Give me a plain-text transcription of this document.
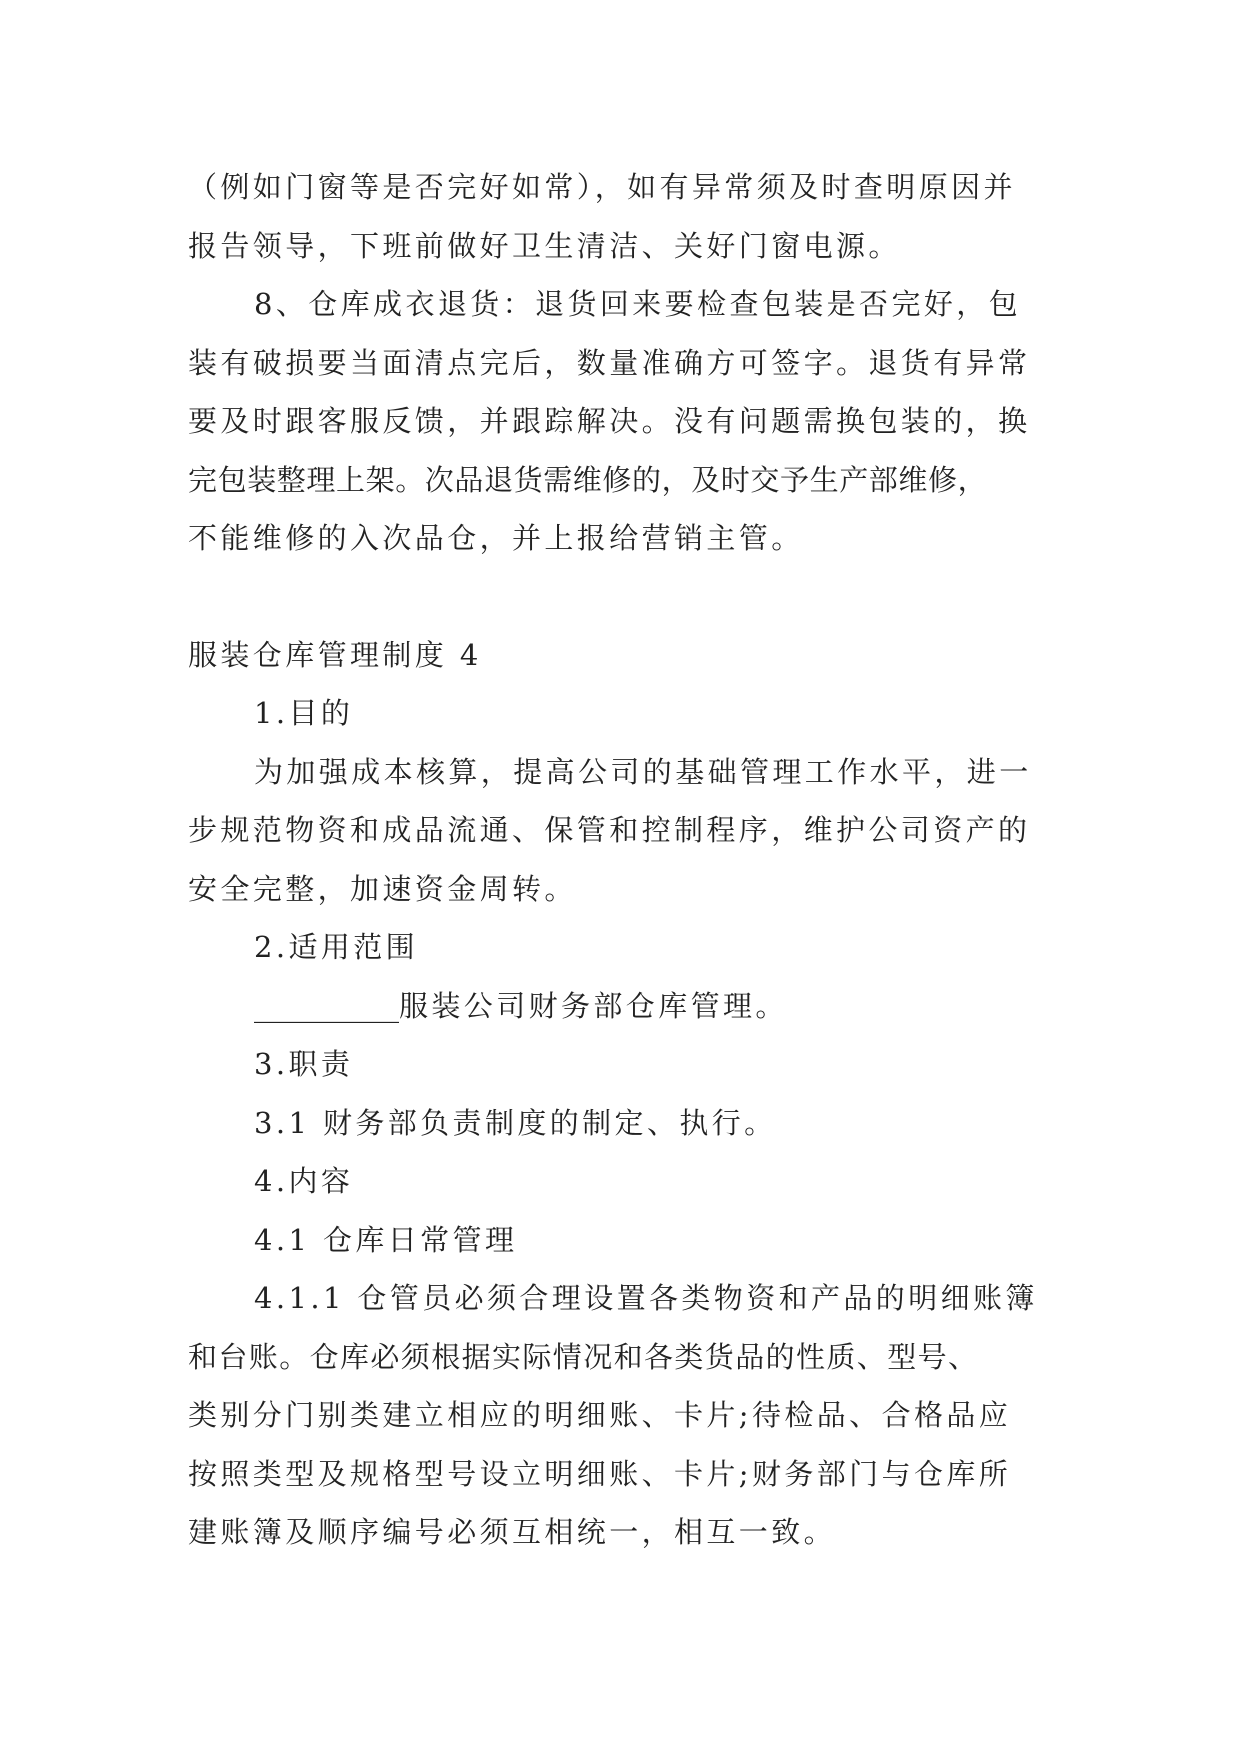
（例如门窗等是否完好如常），如有异常须及时查明原因并
报告领导，下班前做好卫生清洁、关好门窗电源。

8、仓库成衣退货：退货回来要检查包装是否完好，包
装有破损要当面清点完后，数量准确方可签字。退货有异常
要及时跟客服反馈，并跟踪解决。没有问题需换包装的，换
完包装整理上架。次品退货需维修的，及时交予生产部维修，
不能维修的入次品仓，并上报给营销主管。

服装仓库管理制度 4

1.目的

为加强成本核算，提高公司的基础管理工作水平，进一
步规范物资和成品流通、保管和控制程序，维护公司资产的
安全完整，加速资金周转。

2.适用范围

__________服装公司财务部仓库管理。

3.职责

3.1 财务部负责制度的制定、执行。

4.内容

4.1 仓库日常管理

4.1.1 仓管员必须合理设置各类物资和产品的明细账簿
和台账。仓库必须根据实际情况和各类货品的性质、型号、
类别分门别类建立相应的明细账、卡片;待检品、合格品应
按照类型及规格型号设立明细账、卡片;财务部门与仓库所
建账簿及顺序编号必须互相统一，相互一致。
